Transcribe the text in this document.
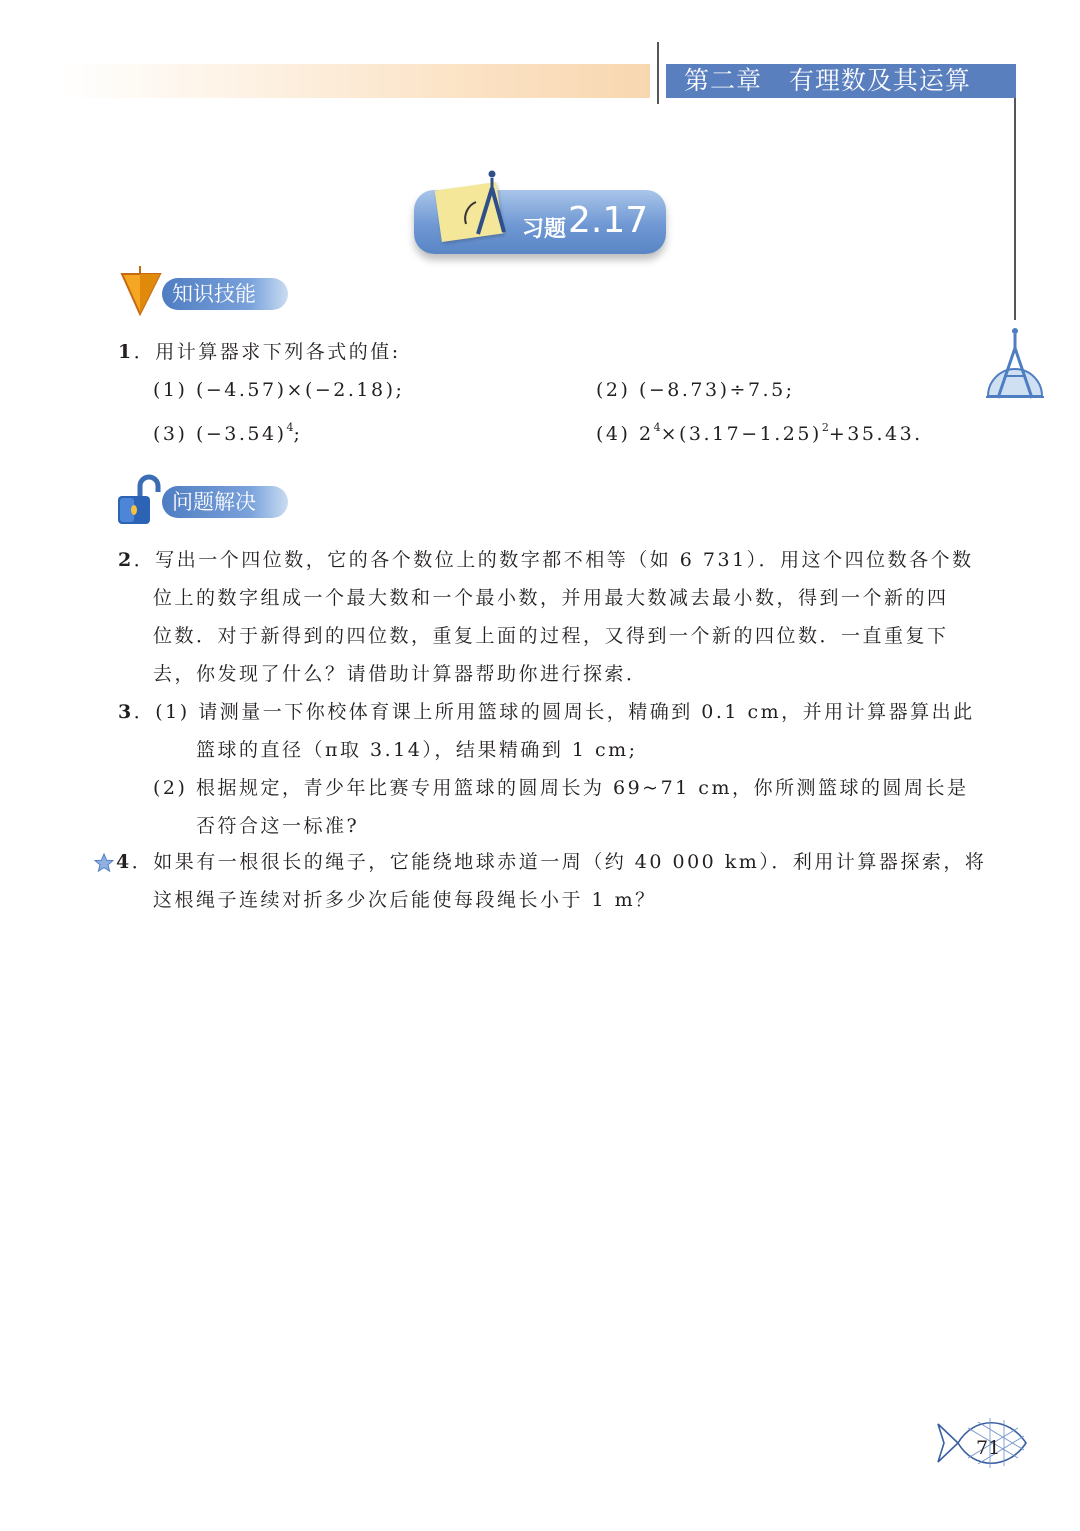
第二章 有理数及其运算
习题 2.17
知识技能
1．用计算器求下列各式的值:
(1) (−4.57)×(−2.18);	(2) (−8.73)÷7.5;
(3) $(-3.54)^4$;	(4) $2^4\times(3.17-1.25)^2+35.43$.
问题解决
2．写出一个四位数，它的各个数位上的数字都不相等（如 6 731）．用这个四位数各个数
位上的数字组成一个最大数和一个最小数，并用最大数减去最小数，得到一个新的四
位数．对于新得到的四位数，重复上面的过程，又得到一个新的四位数．一直重复下
去，你发现了什么？请借助计算器帮助你进行探索．
3．(1) 请测量一下你校体育课上所用篮球的圆周长，精确到 0.1 cm，并用计算器算出此
篮球的直径（π取 3.14），结果精确到 1 cm;
(2) 根据规定，青少年比赛专用篮球的圆周长为 69~71 cm，你所测篮球的圆周长是
否符合这一标准?
4．如果有一根很长的绳子，它能绕地球赤道一周（约 40 000 km）．利用计算器探索，将
这根绳子连续对折多少次后能使每段绳长小于 1 m？
71
